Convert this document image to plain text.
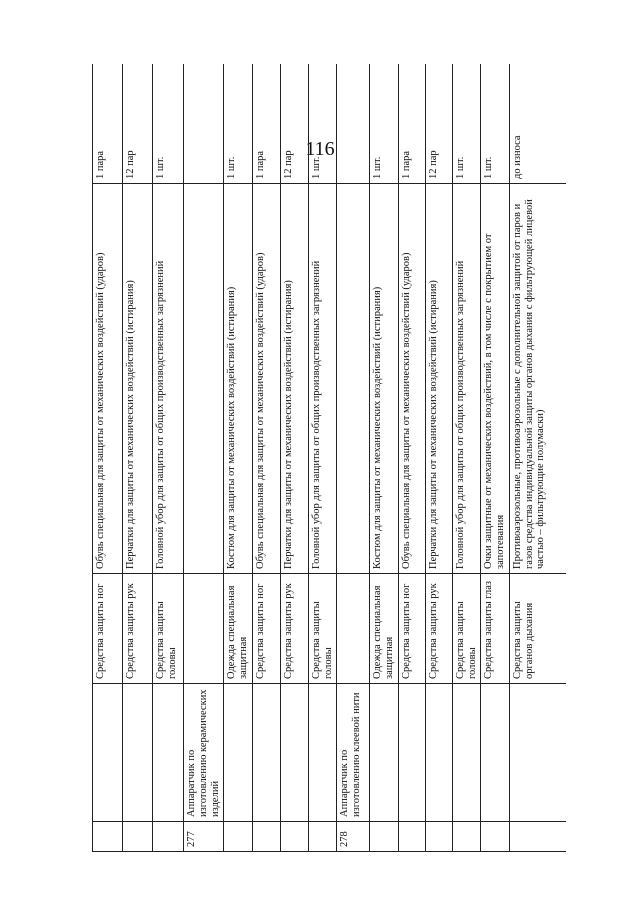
116
		Средства защиты ног	Обувь специальная для защиты от механических воздействий (ударов)	1 пара
		Средства защиты рук	Перчатки для защиты от механических воздействий (истирания)	12 пар
		Средства защиты головы	Головной убор для защиты от общих производственных загрязнений	1 шт.
277	Аппаратчик по изготовлению керамических изделий			
		Одежда специальная защитная	Костюм для защиты от механических воздействий (истирания)	1 шт.
		Средства защиты ног	Обувь специальная для защиты от механических воздействий (ударов)	1 пара
		Средства защиты рук	Перчатки для защиты от механических воздействий (истирания)	12 пар
		Средства защиты головы	Головной убор для защиты от общих производственных загрязнений	1 шт.
278	Аппаратчик по изготовлению клеевой нити			
		Одежда специальная защитная	Костюм для защиты от механических воздействий (истирания)	1 шт.
		Средства защиты ног	Обувь специальная для защиты от механических воздействий (ударов)	1 пара
		Средства защиты рук	Перчатки для защиты от механических воздействий (истирания)	12 пар
		Средства защиты головы	Головной убор для защиты от общих производственных загрязнений	1 шт.
		Средства защиты глаз	Очки защитные от механических воздействий, в том числе с покрытием от запотевания	1 шт.
		Средства защиты органов дыхания	Противоаэрозольные, противоаэрозольные с дополнительной защитой от паров и газов средства индивидуальной защиты органов дыхания с фильтрующей лицевой частью – фильтрующие полумаски)	до износа
